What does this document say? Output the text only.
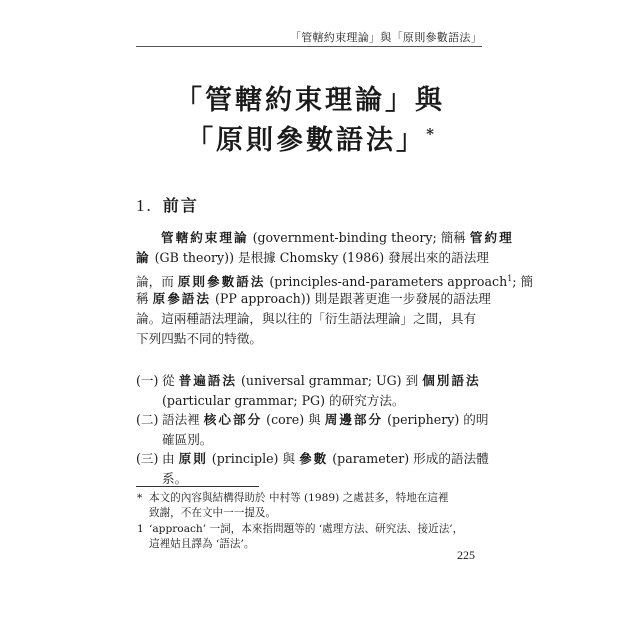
「管轄約束理論」與「原則參數語法」
「管轄約束理論」與
「原則參數語法」*
1. 前言
管轄約束理論 (government-binding theory; 簡稱 管約理
論 (GB theory)) 是根據 Chomsky (1986) 發展出來的語法理
論，而 原則參數語法 (principles-and-parameters approach$^1$; 簡
稱 原參語法 (PP approach)) 則是跟著更進一步發展的語法理
論。這兩種語法理論，與以往的「衍生語法理論」之間，具有
下列四點不同的特徵。
(一) 從 普遍語法 (universal grammar; UG) 到 個別語法
(particular grammar; PG) 的研究方法。
(二) 語法裡 核心部分 (core) 與 周邊部分 (periphery) 的明
確區別。
(三) 由 原則 (principle) 與 參數 (parameter) 形成的語法體
系。
* 本文的內容與結構得助於 中村等 (1989) 之處甚多，特地在這裡
致謝，不在文中一一提及。
1 ‘approach’ 一詞，本來指問題等的 ‘處理方法、研究法、接近法’，
這裡姑且譯為 ‘語法’。
225
